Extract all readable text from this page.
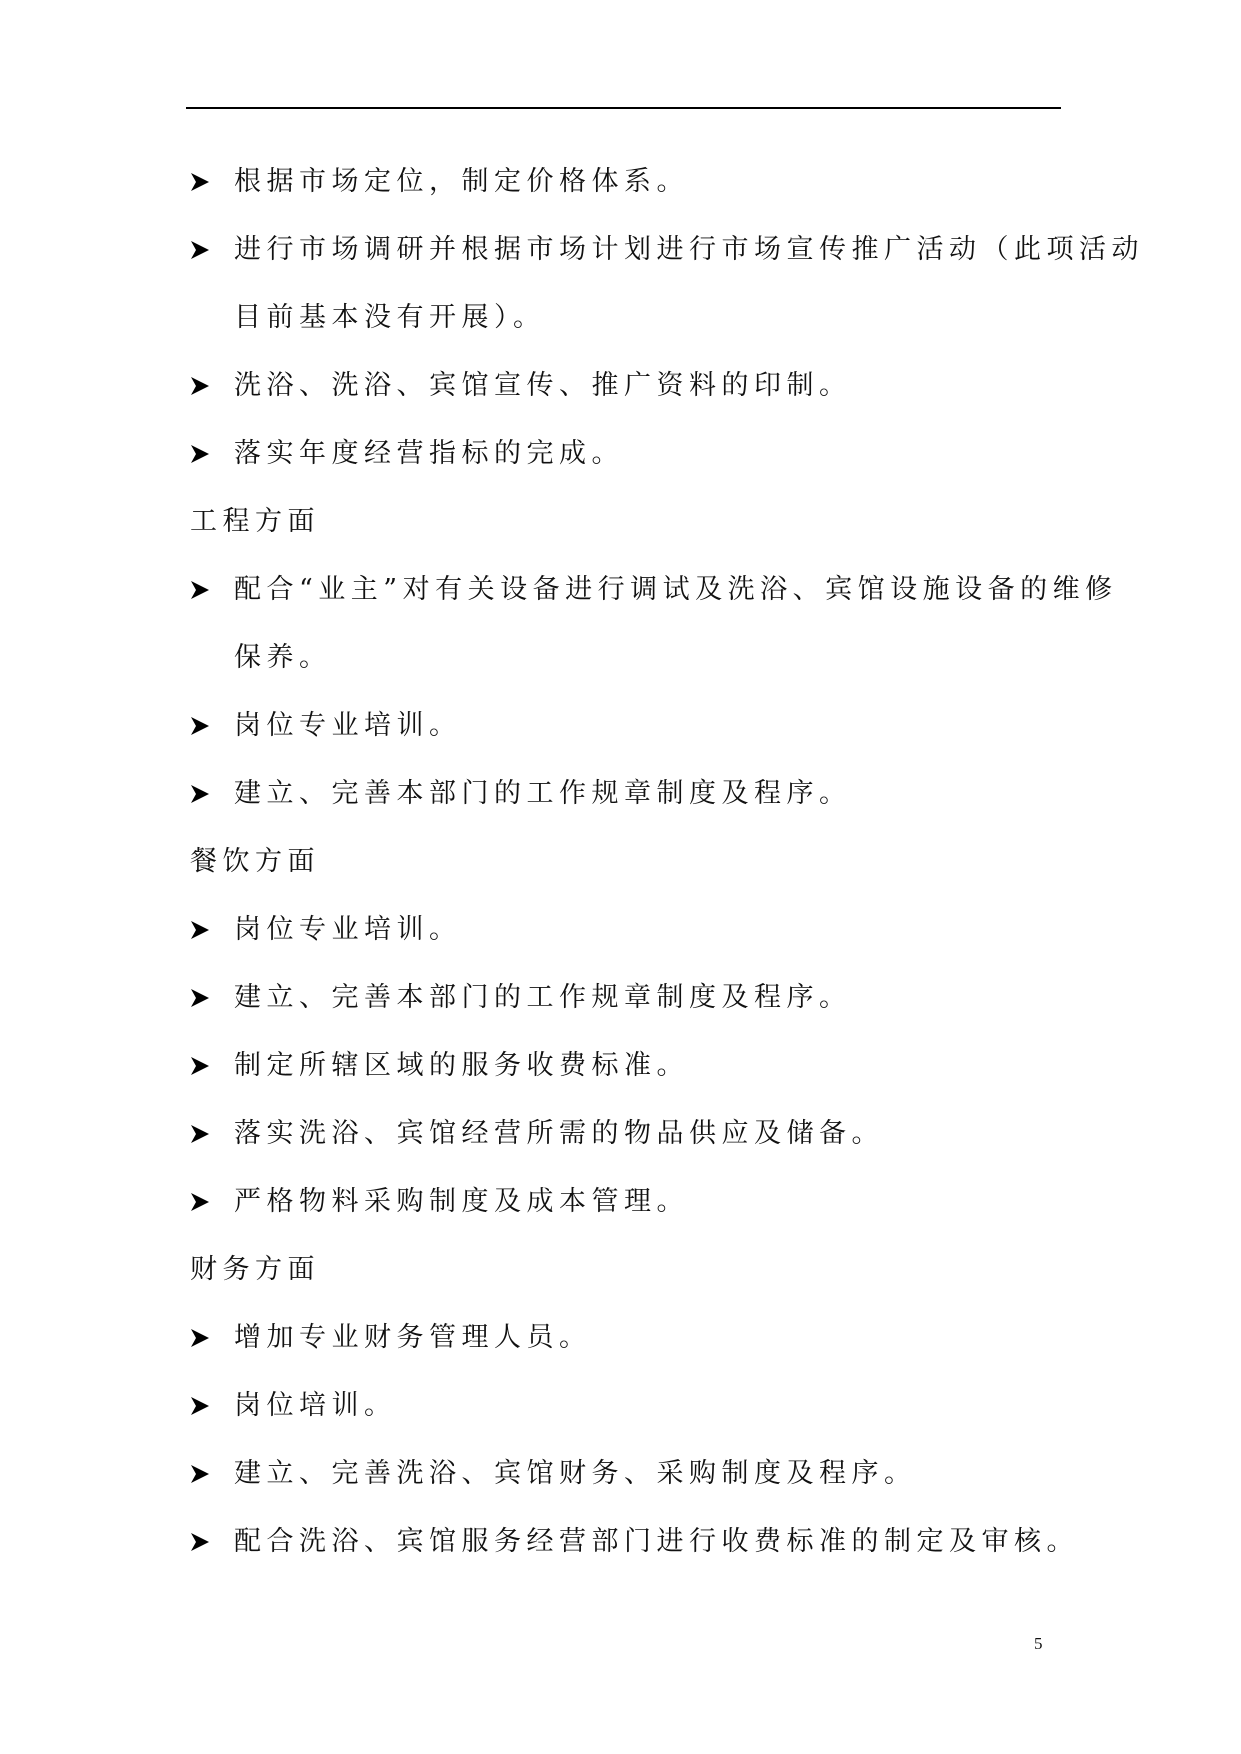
根据市场定位，制定价格体系。
进行市场调研并根据市场计划进行市场宣传推广活动（此项活动
目前基本没有开展）。
洗浴、洗浴、宾馆宣传、推广资料的印制。
落实年度经营指标的完成。
工程方面
配合“业主”对有关设备进行调试及洗浴、宾馆设施设备的维修
保养。
岗位专业培训。
建立、完善本部门的工作规章制度及程序。
餐饮方面
岗位专业培训。
建立、完善本部门的工作规章制度及程序。
制定所辖区域的服务收费标准。
落实洗浴、宾馆经营所需的物品供应及储备。
严格物料采购制度及成本管理。
财务方面
增加专业财务管理人员。
岗位培训。
建立、完善洗浴、宾馆财务、采购制度及程序。
配合洗浴、宾馆服务经营部门进行收费标准的制定及审核。
5
